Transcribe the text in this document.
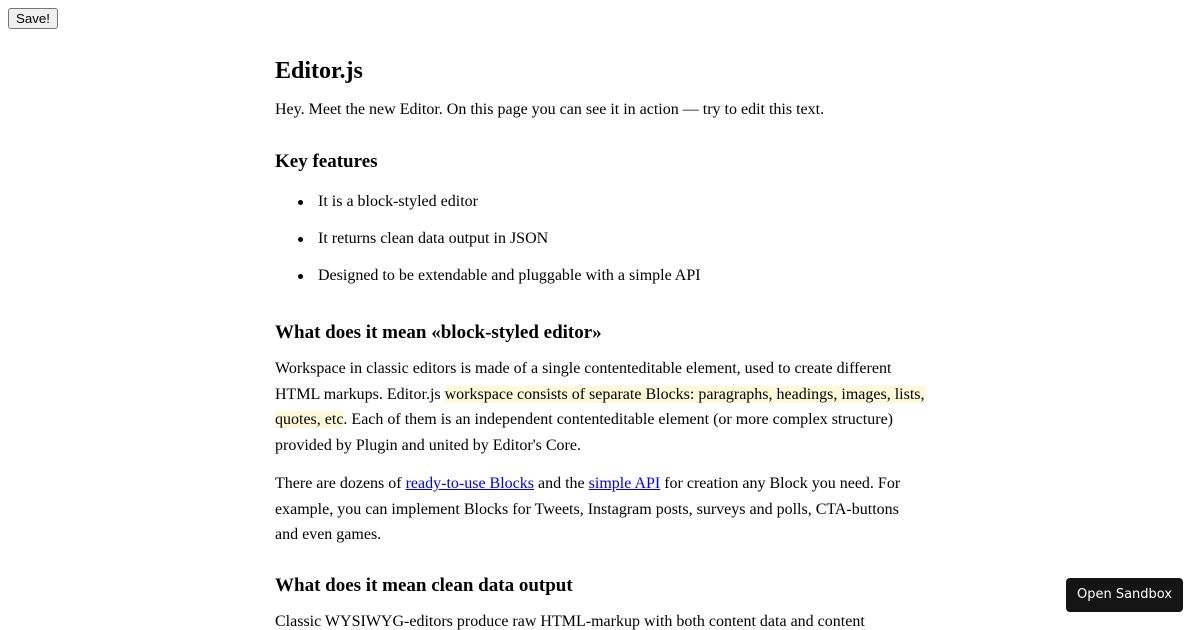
Save!
Editor.js

Hey. Meet the new Editor. On this page you can see it in action — try to edit this text.

Key features
It is a block-styled editor
It returns clean data output in JSON
Designed to be extendable and pluggable with a simple API
What does it mean «block-styled editor»

Workspace in classic editors is made of a single contenteditable element, used to create different HTML markups. Editor.js workspace consists of separate Blocks: paragraphs, headings, images, lists, quotes, etc. Each of them is an independent contenteditable element (or more complex structure) provided by Plugin and united by Editor's Core.

There are dozens of ready-to-use Blocks and the simple API for creation any Block you need. For example, you can implement Blocks for Tweets, Instagram posts, surveys and polls, CTA-buttons and even games.

What does it mean clean data output

Classic WYSIWYG-editors produce raw HTML-markup with both content data and content

Open Sandbox
